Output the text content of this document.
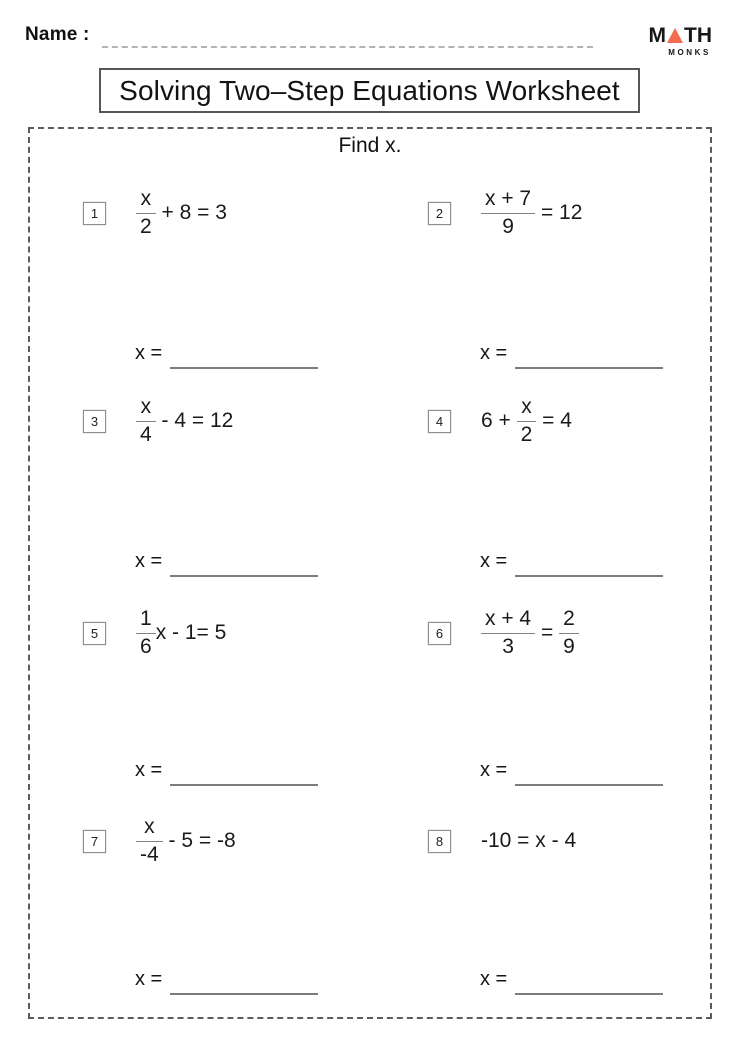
Name :	M TH
MONKS
Solving Two–Step Equations Worksheet
Find x.
1	$\frac{x}{2} + 8 = 3$	2	$\frac{x + 7}{9} = 12$
3	$\frac{x}{4} - 4 = 12$	4	$6 + \frac{x}{2} = 4$
5	$\frac{1}{6}$ x - 1= 5	6	$\frac{x + 4}{3} = \frac{2}{9}$
7	$\frac{x}{-4} - 5 = -8$	8	-10 = x - 4
x =	x =
x =	x =
x =	x =
x =	x =
